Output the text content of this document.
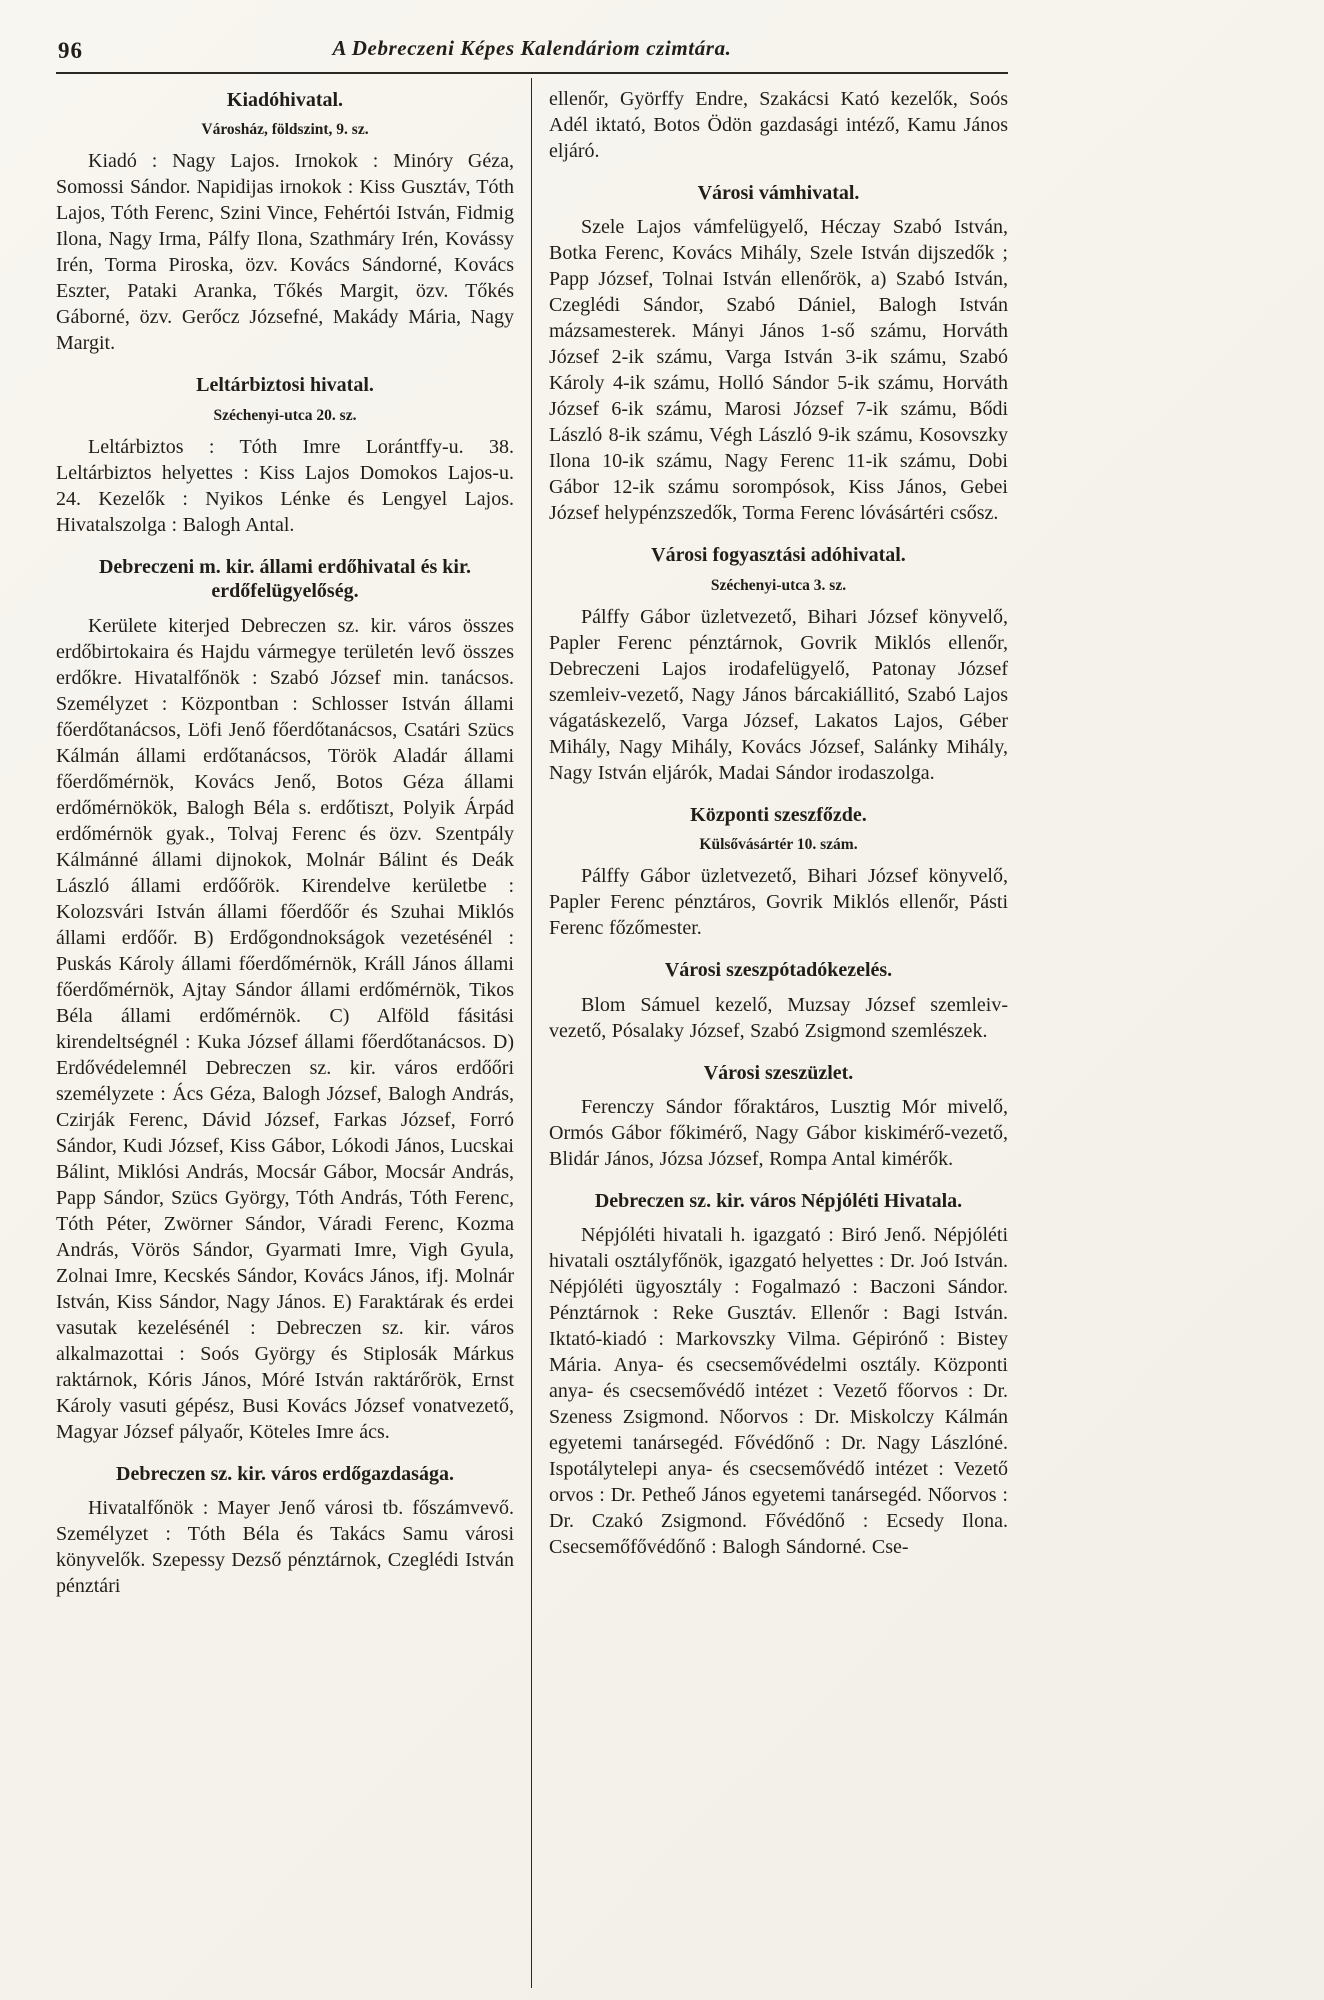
96	A Debreczeni Képes Kalendáriom czimtára.
Kiadóhivatal.
Városház, földszint, 9. sz.

Kiadó : Nagy Lajos. Irnokok : Minóry Géza, Somossi Sándor. Napidijas irnokok : Kiss Gusztáv, Tóth Lajos, Tóth Ferenc, Szini Vince, Fehértói István, Fidmig Ilona, Nagy Irma, Pálfy Ilona, Szathmáry Irén, Kovássy Irén, Torma Piroska, özv. Kovács Sándorné, Kovács Eszter, Pataki Aranka, Tőkés Margit, özv. Tőkés Gáborné, özv. Gerőcz Józsefné, Makády Mária, Nagy Margit.

Leltárbiztosi hivatal.
Széchenyi-utca 20. sz.

Leltárbiztos : Tóth Imre Lorántffy-u. 38. Leltárbiztos helyettes : Kiss Lajos Domokos Lajos-u. 24. Kezelők : Nyikos Lénke és Lengyel Lajos. Hivatalszolga : Balogh Antal.

Debreczeni m. kir. állami erdőhivatal és kir. erdőfelügyelőség.

Kerülete kiterjed Debreczen sz. kir. város összes erdőbirtokaira és Hajdu vármegye területén levő összes erdőkre. Hivatalfőnök : Szabó József min. tanácsos. Személyzet : Központban : Schlosser István állami főerdőtanácsos, Löfi Jenő főerdőtanácsos, Csatári Szücs Kálmán állami erdőtanácsos, Török Aladár állami főerdőmérnök, Kovács Jenő, Botos Géza állami erdőmérnökök, Balogh Béla s. erdőtiszt, Polyik Árpád erdőmérnök gyak., Tolvaj Ferenc és özv. Szentpály Kálmánné állami dijnokok, Molnár Bálint és Deák László állami erdőőrök. Kirendelve kerületbe : Kolozsvári István állami főerdőőr és Szuhai Miklós állami erdőőr. B) Erdőgondnokságok vezetésénél : Puskás Károly állami főerdőmérnök, Králl János állami főerdőmérnök, Ajtay Sándor állami erdőmérnök, Tikos Béla állami erdőmérnök. C) Alföld fásitási kirendeltségnél : Kuka József állami főerdőtanácsos. D) Erdővédelemnél Debreczen sz. kir. város erdőőri személyzete : Ács Géza, Balogh József, Balogh András, Czirják Ferenc, Dávid József, Farkas József, Forró Sándor, Kudi József, Kiss Gábor, Lókodi János, Lucskai Bálint, Miklósi András, Mocsár Gábor, Mocsár András, Papp Sándor, Szücs György, Tóth András, Tóth Ferenc, Tóth Péter, Zwörner Sándor, Váradi Ferenc, Kozma András, Vörös Sándor, Gyarmati Imre, Vigh Gyula, Zolnai Imre, Kecskés Sándor, Kovács János, ifj. Molnár István, Kiss Sándor, Nagy János. E) Faraktárak és erdei vasutak kezelésénél : Debreczen sz. kir. város alkalmazottai : Soós György és Stiplosák Márkus raktárnok, Kóris János, Móré István raktárőrök, Ernst Károly vasuti gépész, Busi Kovács József vonatvezető, Magyar József pályaőr, Köteles Imre ács.

Debreczen sz. kir. város erdőgazdasága.

Hivatalfőnök : Mayer Jenő városi tb. főszámvevő. Személyzet : Tóth Béla és Takács Samu városi könyvelők. Szepessy Dezső pénztárnok, Czeglédi István pénztári

ellenőr, Györffy Endre, Szakácsi Kató kezelők, Soós Adél iktató, Botos Ödön gazdasági intéző, Kamu János eljáró.

Városi vámhivatal.

Szele Lajos vámfelügyelő, Héczay Szabó István, Botka Ferenc, Kovács Mihály, Szele István dijszedők ; Papp József, Tolnai István ellenőrök, a) Szabó István, Czeglédi Sándor, Szabó Dániel, Balogh István mázsamesterek. Mányi János 1-ső számu, Horváth József 2-ik számu, Varga István 3-ik számu, Szabó Károly 4-ik számu, Holló Sándor 5-ik számu, Horváth József 6-ik számu, Marosi József 7-ik számu, Bődi László 8-ik számu, Végh László 9-ik számu, Kosovszky Ilona 10-ik számu, Nagy Ferenc 11-ik számu, Dobi Gábor 12-ik számu sorompósok, Kiss János, Gebei József helypénzszedők, Torma Ferenc lóvásártéri csősz.

Városi fogyasztási adóhivatal.
Széchenyi-utca 3. sz.

Pálffy Gábor üzletvezető, Bihari József könyvelő, Papler Ferenc pénztárnok, Govrik Miklós ellenőr, Debreczeni Lajos irodafelügyelő, Patonay József szemleiv-vezető, Nagy János bárcakiállitó, Szabó Lajos vágatáskezelő, Varga József, Lakatos Lajos, Géber Mihály, Nagy Mihály, Kovács József, Salánky Mihály, Nagy István eljárók, Madai Sándor irodaszolga.

Központi szeszfőzde.
Külsővásártér 10. szám.

Pálffy Gábor üzletvezető, Bihari József könyvelő, Papler Ferenc pénztáros, Govrik Miklós ellenőr, Pásti Ferenc főzőmester.

Városi szeszpótadókezelés.

Blom Sámuel kezelő, Muzsay József szemleiv-vezető, Pósalaky József, Szabó Zsigmond szemlészek.

Városi szeszüzlet.

Ferenczy Sándor főraktáros, Lusztig Mór mivelő, Ormós Gábor főkimérő, Nagy Gábor kiskimérő-vezető, Blidár János, Józsa József, Rompa Antal kimérők.

Debreczen sz. kir. város Népjóléti Hivatala.

Népjóléti hivatali h. igazgató : Biró Jenő. Népjóléti hivatali osztályfőnök, igazgató helyettes : Dr. Joó István. Népjóléti ügyosztály : Fogalmazó : Baczoni Sándor. Pénztárnok : Reke Gusztáv. Ellenőr : Bagi István. Iktató-kiadó : Markovszky Vilma. Gépirónő : Bistey Mária. Anya- és csecsemővédelmi osztály. Központi anya- és csecsemővédő intézet : Vezető főorvos : Dr. Szeness Zsigmond. Nőorvos : Dr. Miskolczy Kálmán egyetemi tanársegéd. Fővédőnő : Dr. Nagy Lászlóné. Ispotálytelepi anya- és csecsemővédő intézet : Vezető orvos : Dr. Petheő János egyetemi tanársegéd. Nőorvos : Dr. Czakó Zsigmond. Fővédőnő : Ecsedy Ilona. Csecsemőfővédőnő : Balogh Sándorné. Cse-
